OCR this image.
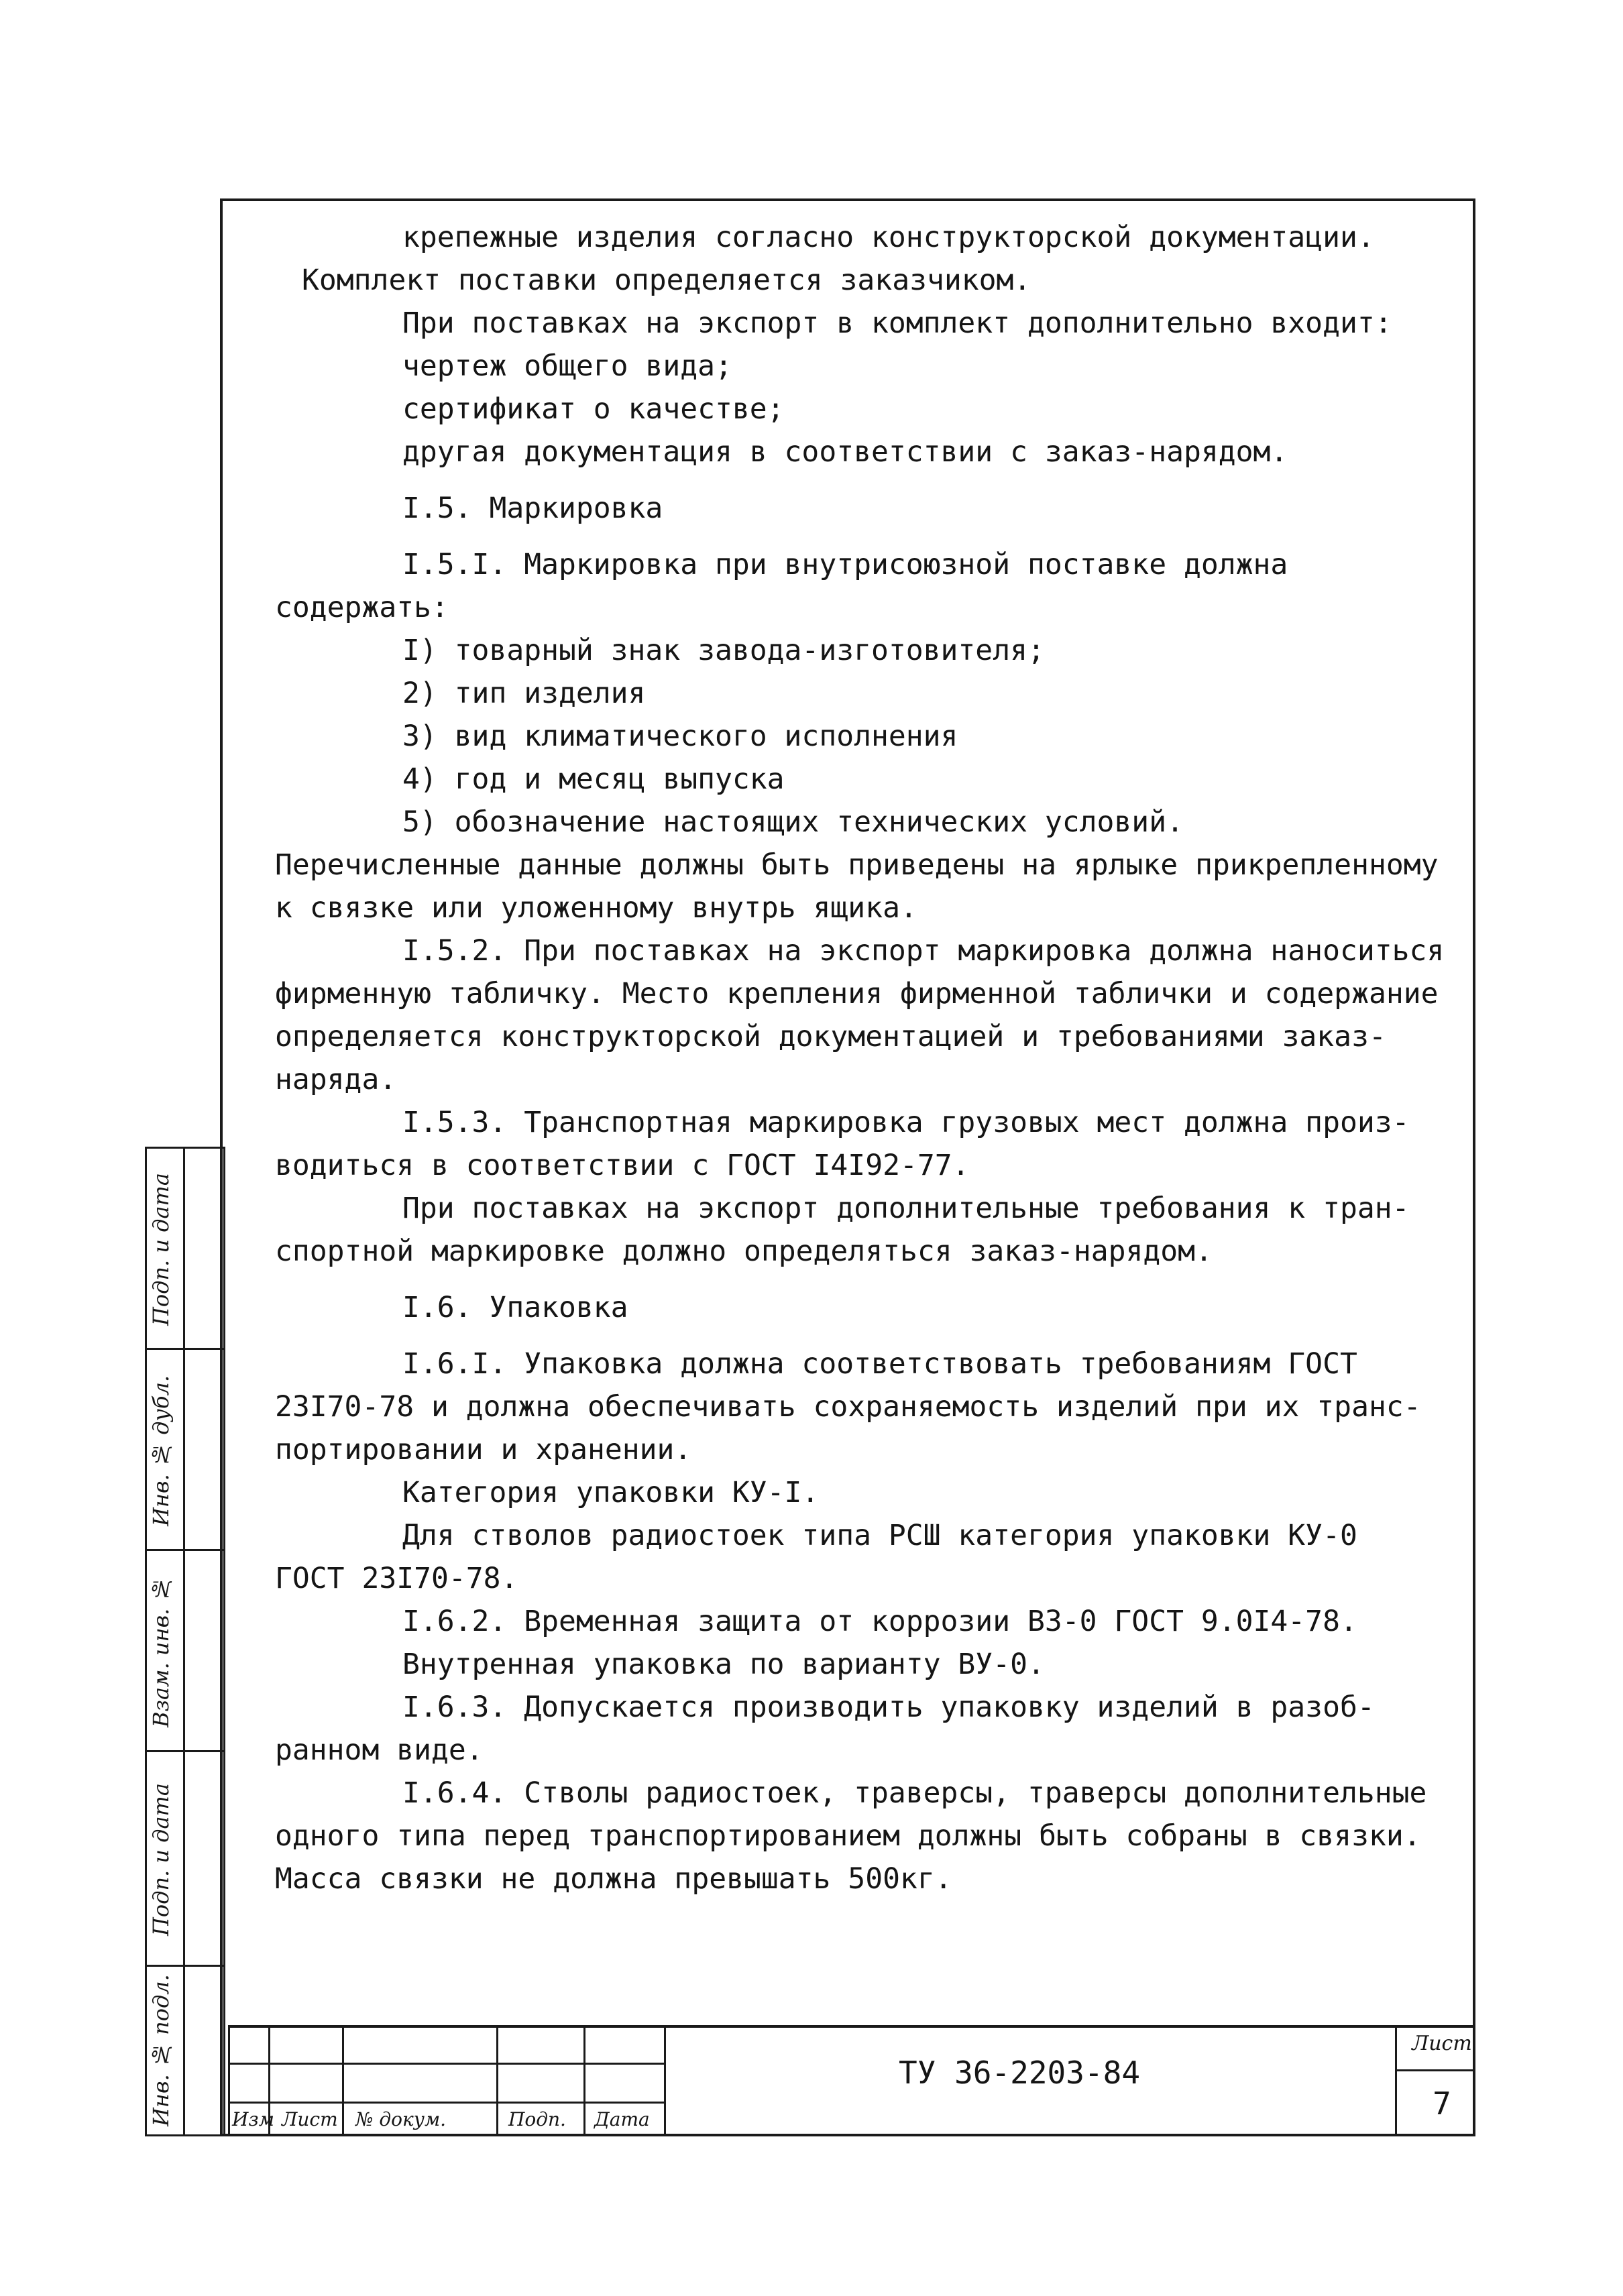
крепежные изделия согласно конструкторской документации.
Комплект поставки определяется заказчиком.
При поставках на экспорт в комплект дополнительно входит:
чертеж общего вида;
сертификат о качестве;
другая документация в соответствии с заказ-нарядом.
I.5. Маркировка
I.5.I. Маркировка при внутрисоюзной поставке должна
содержать:
I) товарный знак завода-изготовителя;
2) тип изделия
3) вид климатического исполнения
4) год и месяц выпуска
5) обозначение настоящих технических условий.
Перечисленные данные должны быть приведены на ярлыке прикрепленному
к связке или уложенному внутрь ящика.
I.5.2. При поставках на экспорт маркировка должна наноситься
фирменную табличку. Место крепления фирменной таблички и содержание
определяется конструкторской документацией и требованиями заказ-
наряда.
I.5.3. Транспортная маркировка грузовых мест должна произ-
водиться в соответствии с ГОСТ I4I92-77.
При поставках на экспорт дополнительные требования к тран-
спортной маркировке должно определяться заказ-нарядом.
I.6. Упаковка
I.6.I. Упаковка должна соответствовать требованиям ГОСТ
23I70-78 и должна обеспечивать сохраняемость изделий при их транс-
портировании и хранении.
Категория упаковки КУ-I.
Для стволов радиостоек типа РСШ категория упаковки КУ-0
ГОСТ 23I70-78.
I.6.2. Временная защита от коррозии ВЗ-0 ГОСТ 9.0I4-78.
Внутренная упаковка по варианту ВУ-0.
I.6.3. Допускается производить упаковку изделий в разоб-
ранном виде.
I.6.4. Стволы радиостоек, траверсы, траверсы дополнительные
одного типа перед транспортированием должны быть собраны в связки.
Масса связки не должна превышать 500кг.
Подп. и дата
Инв. № дубл.
Взам. инв. №
Подп. и дата
Инв. № подл.	Изм Лист № докум.	Подп. Дата
ТУ 36-2203-84
Лист
7
